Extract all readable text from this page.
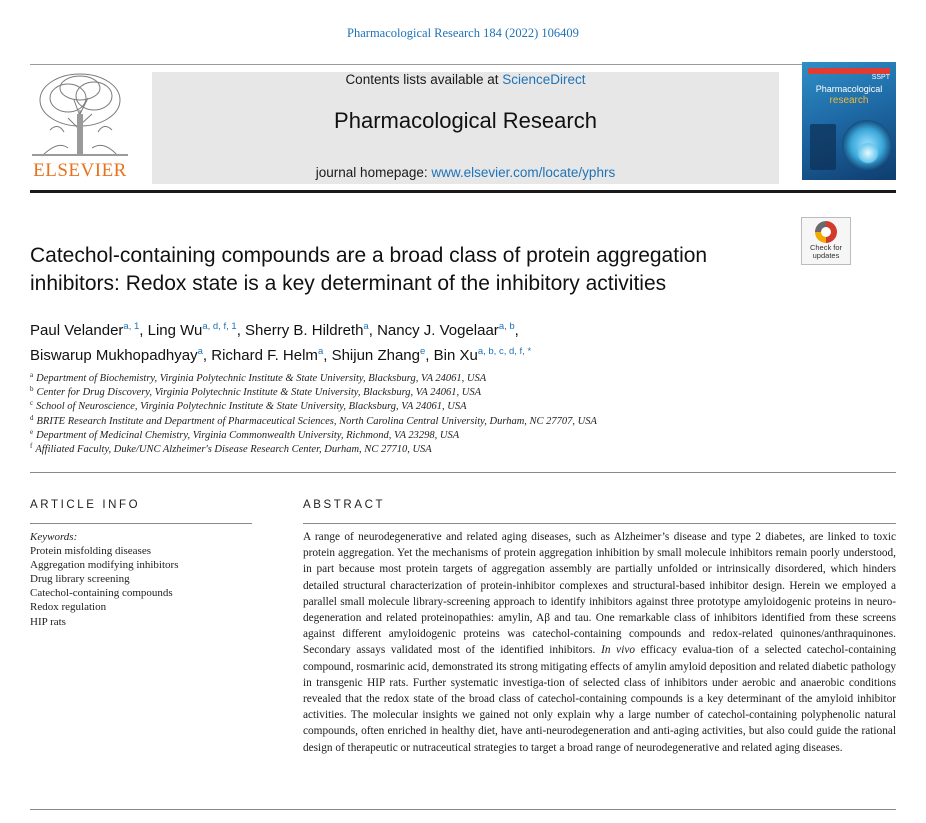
Pharmacological Research 184 (2022) 106409
ELSEVIER
Contents lists available at ScienceDirect
Pharmacological Research
journal homepage: www.elsevier.com/locate/yphrs
SSPT
Pharmacological
research
Check for
updates
Catechol-containing compounds are a broad class of protein aggregation
inhibitors: Redox state is a key determinant of the inhibitory activities
Paul Velander$^{a, 1}$, Ling Wu$^{a, d, f, 1}$, Sherry B. Hildreth$^a$, Nancy J. Vogelaar$^{a, b}$,
Biswarup Mukhopadhyay$^a$, Richard F. Helm$^a$, Shijun Zhang$^e$, Bin $Xu^{a, b, c, d, f, *}$
$^a$ Department of Biochemistry, Virginia Polytechnic Institute & State University, Blacksburg, VA 24061, USA
$^b$ Center for Drug Discovery, Virginia Polytechnic Institute & State University, Blacksburg, VA 24061, USA
$^c$ School of Neuroscience, Virginia Polytechnic Institute & State University, Blacksburg, VA 24061, USA
$^d$ BRITE Research Institute and Department of Pharmaceutical Sciences, North Carolina Central University, Durham, NC 27707, USA
$^e$ Department of Medicinal Chemistry, Virginia Commonwealth University, Richmond, VA 23298, USA
$^f$ Affiliated Faculty, Duke/UNC Alzheimer's Disease Research Center, Durham, NC 27710, USA
ARTICLE INFO	ABSTRACT
Keywords:
Protein misfolding diseases
Aggregation modifying inhibitors
Drug library screening
Catechol-containing compounds
Redox regulation
HIP rats
A range of neurodegenerative and related aging diseases, such as Alzheimer’s disease and type 2 diabetes, are linked to toxic protein aggregation. Yet the mechanisms of protein aggregation inhibition by small molecule inhibitors remain poorly understood, in part because most protein targets of aggregation assembly are partially unfolded or intrinsically disordered, which hinders detailed structural characterization of protein-inhibitor complexes and structural-based inhibitor design. Herein we employed a parallel small molecule library-screening approach to identify inhibitors against three prototype amyloidogenic proteins in neuro-degeneration and related proteinopathies: amylin, Aβ and tau. One remarkable class of inhibitors identified from these screens against different amyloidogenic proteins was catechol-containing compounds and redox-related quinones/anthraquinones. Secondary assays validated most of the identified inhibitors. In vivo efficacy evalua-tion of a selected catechol-containing compound, rosmarinic acid, demonstrated its strong mitigating effects of amylin amyloid deposition and related diabetic pathology in transgenic HIP rats. Further systematic investiga-tion of selected class of inhibitors under aerobic and anaerobic conditions revealed that the redox state of the broad class of catechol-containing compounds is a key determinant of the amyloid inhibitor activities. The molecular insights we gained not only explain why a large number of catechol-containing polyphenolic natural compounds, often enriched in healthy diet, have anti-neurodegeneration and anti-aging activities, but also could guide the rational design of therapeutic or nutraceutical strategies to target a broad range of neurodegenerative and related aging diseases.
